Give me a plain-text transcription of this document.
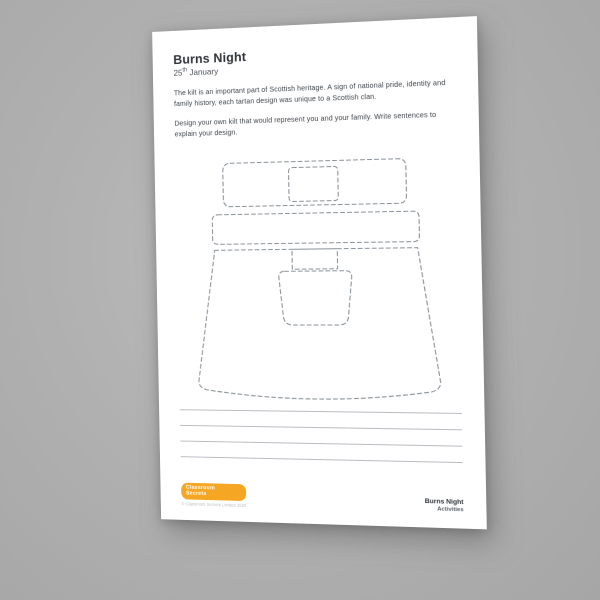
Burns Night
25th January

The kilt is an important part of Scottish heritage. A sign of national pride, identity and family history, each tartan design was unique to a Scottish clan.

Design your own kilt that would represent you and your family. Write sentences to explain your design.

Classroom
Secrets
© Classroom Secrets Limited 2020	Burns Night
Activities
